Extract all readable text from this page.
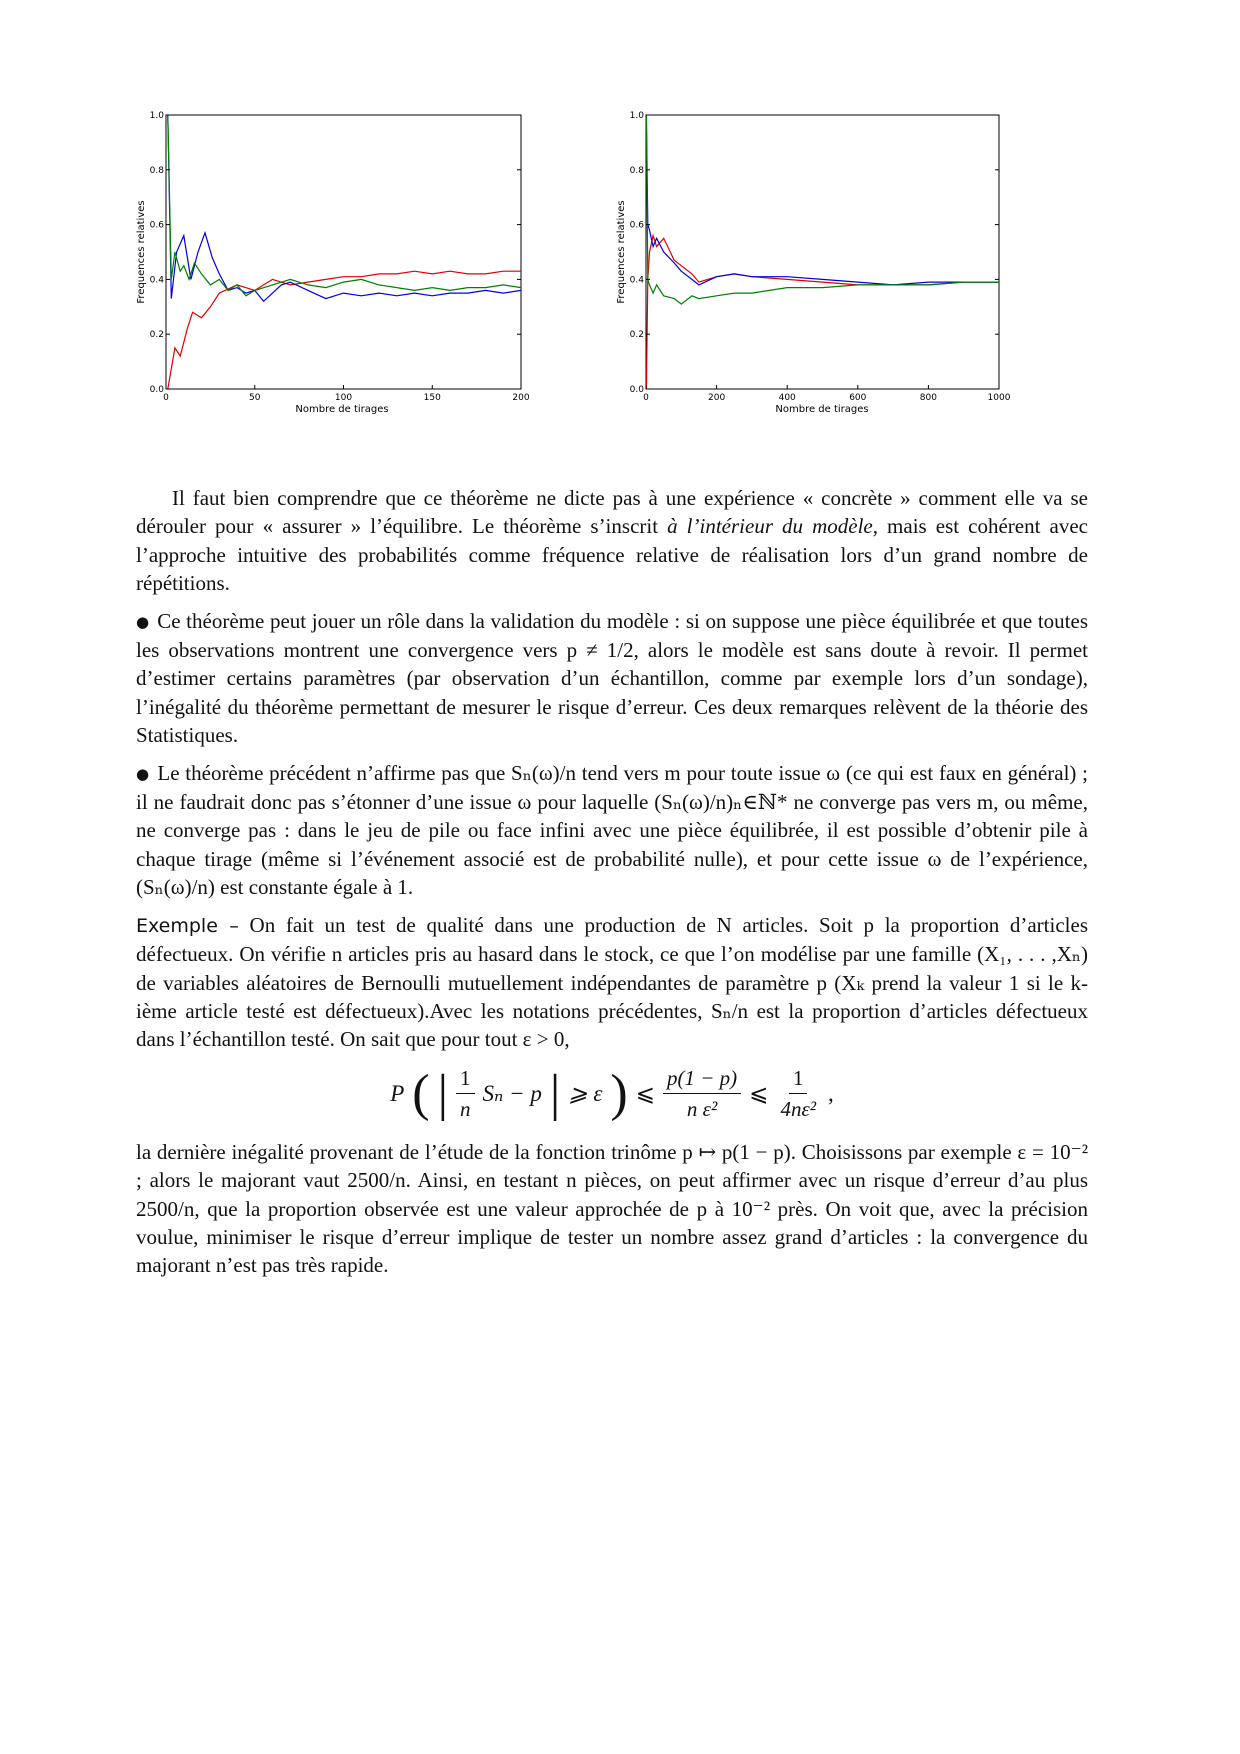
0.0
0.2
0.4
0.6
0.8
1.0
0	50	100	150	200
Nombre de tirages
Frequences relatives
0.0
0.2
0.4
0.6
0.8
1.0
0	200	400	600	800	1000
Nombre de tirages
Frequences relatives

Il faut bien comprendre que ce théorème ne dicte pas à une expérience « concrète » comment elle va se dérouler pour « assurer » l’équilibre. Le théorème s’inscrit à l’intérieur du modèle, mais est cohérent avec l’approche intuitive des probabilités comme fréquence relative de réalisation lors d’un grand nombre de répétitions.

● Ce théorème peut jouer un rôle dans la validation du modèle : si on suppose une pièce équilibrée et que toutes les observations montrent une convergence vers p ≠ 1/2, alors le modèle est sans doute à revoir. Il permet d’estimer certains paramètres (par observation d’un échantillon, comme par exemple lors d’un sondage), l’inégalité du théorème permettant de mesurer le risque d’erreur. Ces deux remarques relèvent de la théorie des Statistiques.

● Le théorème précédent n’affirme pas que Sₙ(ω)/n tend vers m pour toute issue ω (ce qui est faux en général) ; il ne faudrait donc pas s’étonner d’une issue ω pour laquelle (Sₙ(ω)/n)ₙ∈ℕ* ne converge pas vers m, ou même, ne converge pas : dans le jeu de pile ou face infini avec une pièce équilibrée, il est possible d’obtenir pile à chaque tirage (même si l’événement associé est de probabilité nulle), et pour cette issue ω de l’expérience, (Sₙ(ω)/n) est constante égale à 1.

Exemple – On fait un test de qualité dans une production de N articles. Soit p la proportion d’articles défectueux. On vérifie n articles pris au hasard dans le stock, ce que l’on modélise par une famille (X₁, . . . ,Xₙ) de variables aléatoires de Bernoulli mutuellement indépendantes de paramètre p (Xₖ prend la valeur 1 si le k-ième article testé est défectueux).Avec les notations précédentes, Sₙ/n est la proportion d’articles défectueux dans l’échantillon testé. On sait que pour tout ε > 0,

P ( | $\frac{1}{n}$ Sₙ − p | ⩾ ε ) ⩽ $\frac{p(1 - p)}{\text{n ε²}}$ ⩽ $\frac{1}{\text{4nε²}}$ ,

la dernière inégalité provenant de l’étude de la fonction trinôme p ↦ p(1 − p). Choisissons par exemple ε = 10⁻² ; alors le majorant vaut 2500/n. Ainsi, en testant n pièces, on peut affirmer avec un risque d’erreur d’au plus 2500/n, que la proportion observée est une valeur approchée de p à 10⁻² près. On voit que, avec la précision voulue, minimiser le risque d’erreur implique de tester un nombre assez grand d’articles : la convergence du majorant n’est pas très rapide.
